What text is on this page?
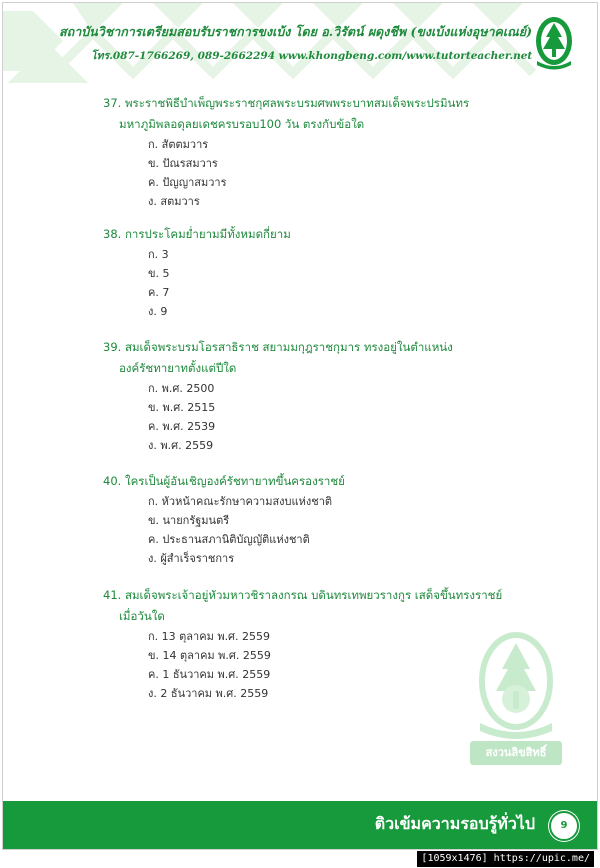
สถาบันวิชาการเตรียมสอบรับราชการขงเบ้ง โดย อ.วิรัตน์ ผดุงชีพ (ขงเบ้งแห่งอุษาคเณย์)
โทร.087-1766269, 089-2662294 www.khongbeng.com/www.tutorteacher.net
37. พระราชพิธีบำเพ็ญพระราชกุศลพระบรมศพพระบาทสมเด็จพระปรมินทร
มหาภูมิพลอดุลยเดชครบรอบ100 วัน ตรงกับข้อใด
ก. สัตตมวาร
ข. ปัณรสมวาร
ค. ปัญญาสมวาร
ง. สตมวาร
38. การประโคมย่ำยามมีทั้งหมดกี่ยาม
ก. 3
ข. 5
ค. 7
ง. 9
39. สมเด็จพระบรมโอรสาธิราช สยามมกุฎราชกุมาร ทรงอยู่ในตำแหน่ง
องค์รัชทายาทตั้งแต่ปีใด
ก. พ.ศ. 2500
ข. พ.ศ. 2515
ค. พ.ศ. 2539
ง. พ.ศ. 2559
40. ใครเป็นผู้อันเชิญองค์รัชทายาทขึ้นครองราชย์
ก. หัวหน้าคณะรักษาความสงบแห่งชาติ
ข. นายกรัฐมนตรี
ค. ประธานสภานิติบัญญัติแห่งชาติ
ง. ผู้สำเร็จราชการ
41. สมเด็จพระเจ้าอยู่หัวมหาวชิราลงกรณ บดินทรเทพยวรางกูร เสด็จขึ้นทรงราชย์
เมื่อวันใด
ก. 13 ตุลาคม พ.ศ. 2559
ข. 14 ตุลาคม พ.ศ. 2559
ค. 1 ธันวาคม พ.ศ. 2559
ง. 2 ธันวาคม พ.ศ. 2559
สงวนลิขสิทธิ์
ติวเข้มความรอบรู้ทั่วไป	9
[1059x1476] https://upic.me/
